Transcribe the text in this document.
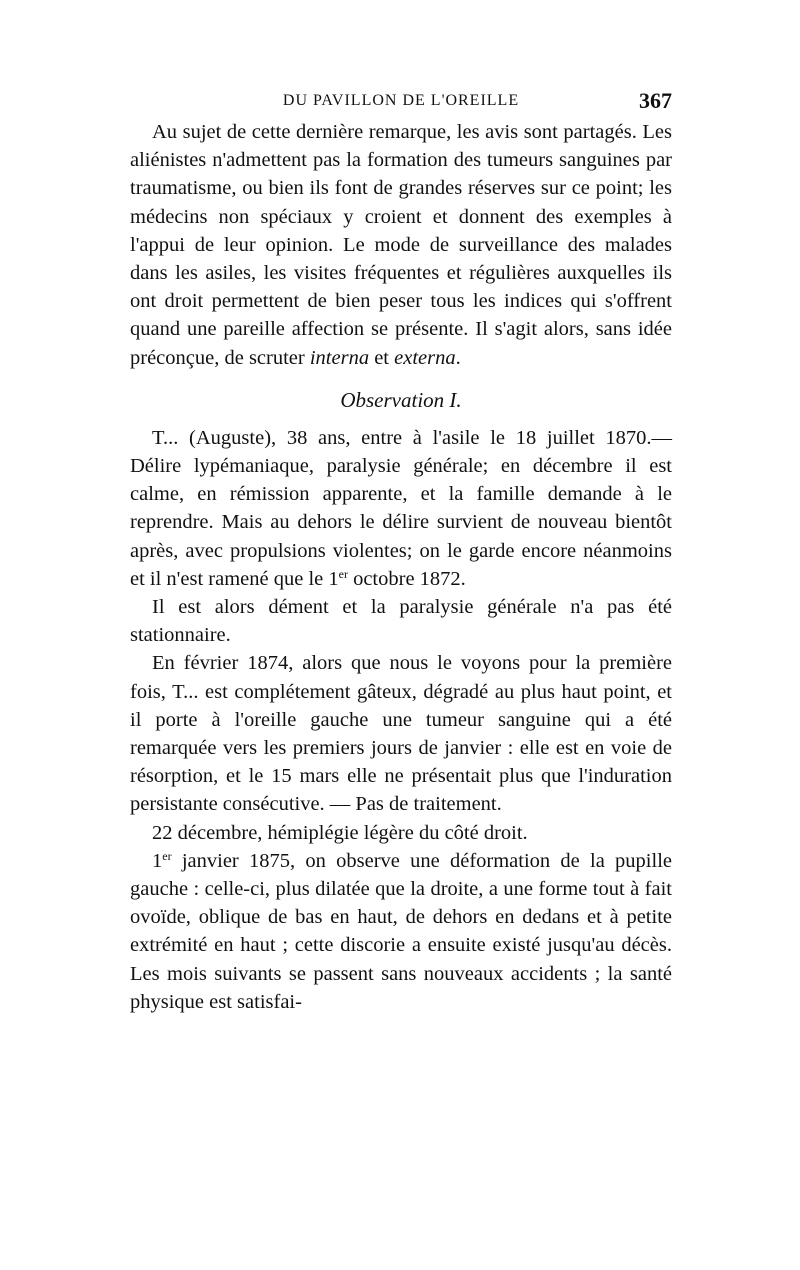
DU PAVILLON DE L'OREILLE	367

Au sujet de cette dernière remarque, les avis sont partagés. Les aliénistes n'admettent pas la formation des tumeurs sanguines par traumatisme, ou bien ils font de grandes réserves sur ce point; les médecins non spéciaux y croient et donnent des exemples à l'appui de leur opinion. Le mode de surveillance des malades dans les asiles, les visites fréquentes et régulières auxquelles ils ont droit permettent de bien peser tous les indices qui s'offrent quand une pareille affection se présente. Il s'agit alors, sans idée préconçue, de scruter interna et externa.

Observation I.

T... (Auguste), 38 ans, entre à l'asile le 18 juillet 1870.— Délire lypémaniaque, paralysie générale; en décembre il est calme, en rémission apparente, et la famille demande à le reprendre. Mais au dehors le délire survient de nouveau bientôt après, avec propulsions violentes; on le garde encore néanmoins et il n'est ramené que le 1er octobre 1872.

Il est alors dément et la paralysie générale n'a pas été stationnaire.

En février 1874, alors que nous le voyons pour la première fois, T... est complétement gâteux, dégradé au plus haut point, et il porte à l'oreille gauche une tumeur sanguine qui a été remarquée vers les premiers jours de janvier : elle est en voie de résorption, et le 15 mars elle ne présentait plus que l'induration persistante consécutive. — Pas de traitement.

22 décembre, hémiplégie légère du côté droit.

1er janvier 1875, on observe une déformation de la pupille gauche : celle-ci, plus dilatée que la droite, a une forme tout à fait ovoïde, oblique de bas en haut, de dehors en dedans et à petite extrémité en haut ; cette discorie a ensuite existé jusqu'au décès. Les mois suivants se passent sans nouveaux accidents ; la santé physique est satisfai-
